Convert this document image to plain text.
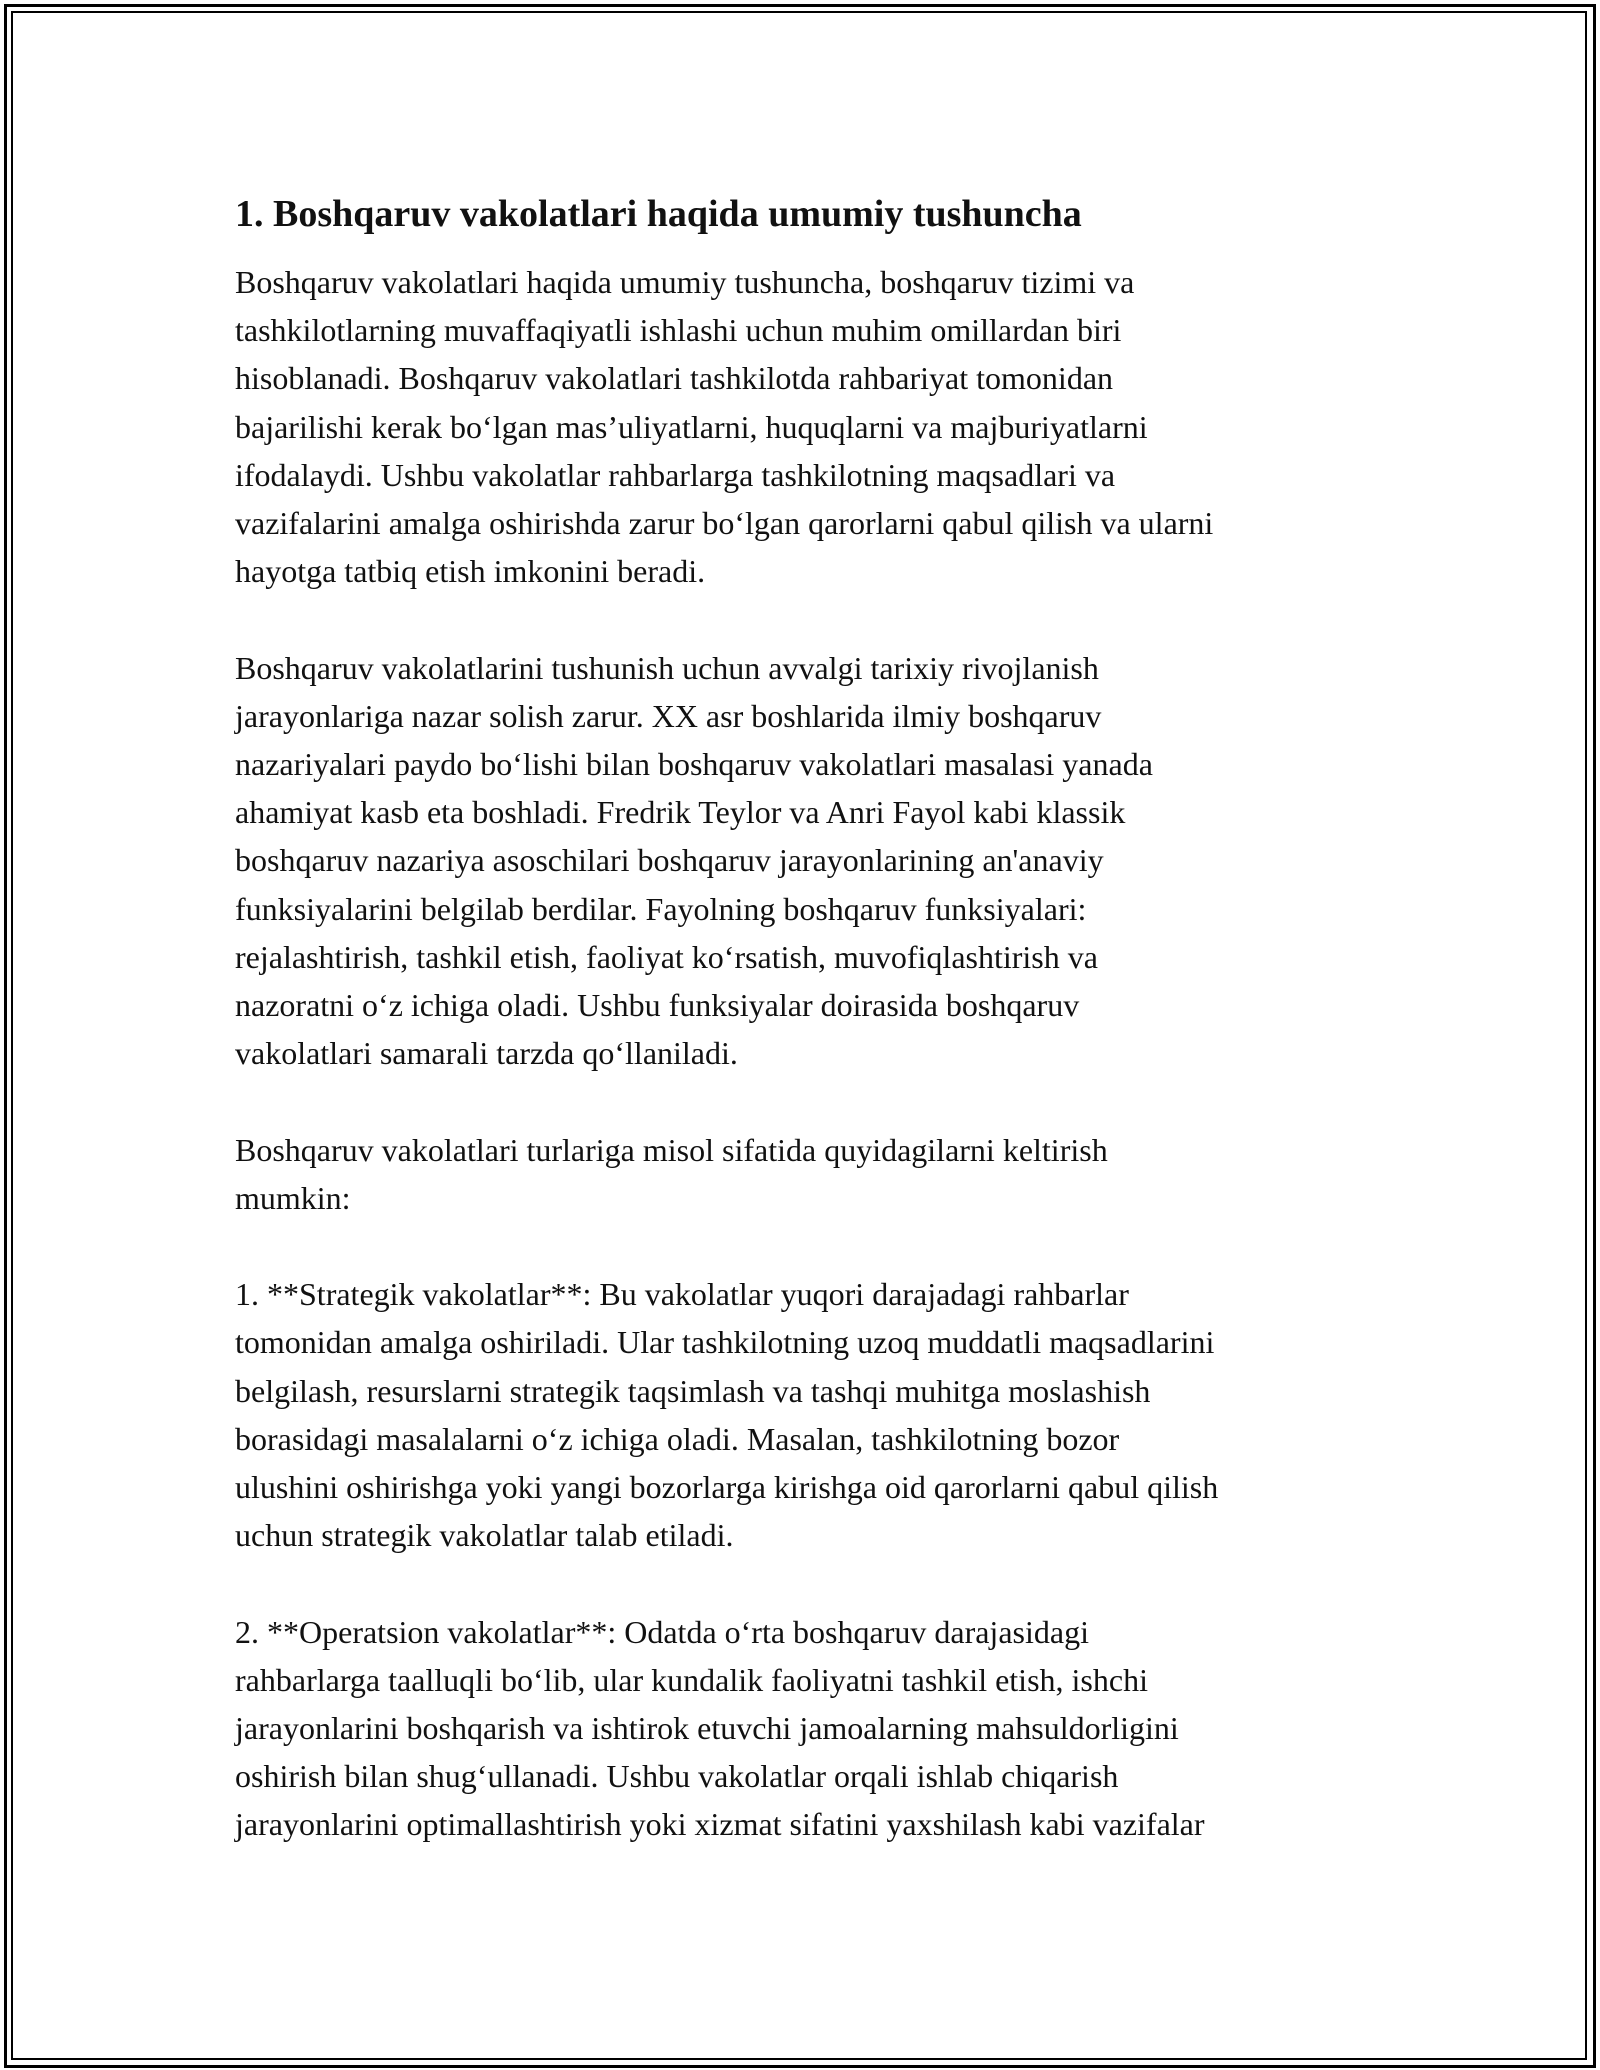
1. Boshqaruv vakolatlari haqida umumiy tushuncha
Boshqaruv vakolatlari haqida umumiy tushuncha, boshqaruv tizimi va
tashkilotlarning muvaffaqiyatli ishlashi uchun muhim omillardan biri
hisoblanadi. Boshqaruv vakolatlari tashkilotda rahbariyat tomonidan
bajarilishi kerak bo‘lgan mas’uliyatlarni, huquqlarni va majburiyatlarni
ifodalaydi. Ushbu vakolatlar rahbarlarga tashkilotning maqsadlari va
vazifalarini amalga oshirishda zarur bo‘lgan qarorlarni qabul qilish va ularni
hayotga tatbiq etish imkonini beradi.
Boshqaruv vakolatlarini tushunish uchun avvalgi tarixiy rivojlanish
jarayonlariga nazar solish zarur. XX asr boshlarida ilmiy boshqaruv
nazariyalari paydo bo‘lishi bilan boshqaruv vakolatlari masalasi yanada
ahamiyat kasb eta boshladi. Fredrik Teylor va Anri Fayol kabi klassik
boshqaruv nazariya asoschilari boshqaruv jarayonlarining an'anaviy
funksiyalarini belgilab berdilar. Fayolning boshqaruv funksiyalari:
rejalashtirish, tashkil etish, faoliyat ko‘rsatish, muvofiqlashtirish va
nazoratni o‘z ichiga oladi. Ushbu funksiyalar doirasida boshqaruv
vakolatlari samarali tarzda qo‘llaniladi.
Boshqaruv vakolatlari turlariga misol sifatida quyidagilarni keltirish
mumkin:
1. **Strategik vakolatlar**: Bu vakolatlar yuqori darajadagi rahbarlar
tomonidan amalga oshiriladi. Ular tashkilotning uzoq muddatli maqsadlarini
belgilash, resurslarni strategik taqsimlash va tashqi muhitga moslashish
borasidagi masalalarni o‘z ichiga oladi. Masalan, tashkilotning bozor
ulushini oshirishga yoki yangi bozorlarga kirishga oid qarorlarni qabul qilish
uchun strategik vakolatlar talab etiladi.
2. **Operatsion vakolatlar**: Odatda o‘rta boshqaruv darajasidagi
rahbarlarga taalluqli bo‘lib, ular kundalik faoliyatni tashkil etish, ishchi
jarayonlarini boshqarish va ishtirok etuvchi jamoalarning mahsuldorligini
oshirish bilan shug‘ullanadi. Ushbu vakolatlar orqali ishlab chiqarish
jarayonlarini optimallashtirish yoki xizmat sifatini yaxshilash kabi vazifalar
